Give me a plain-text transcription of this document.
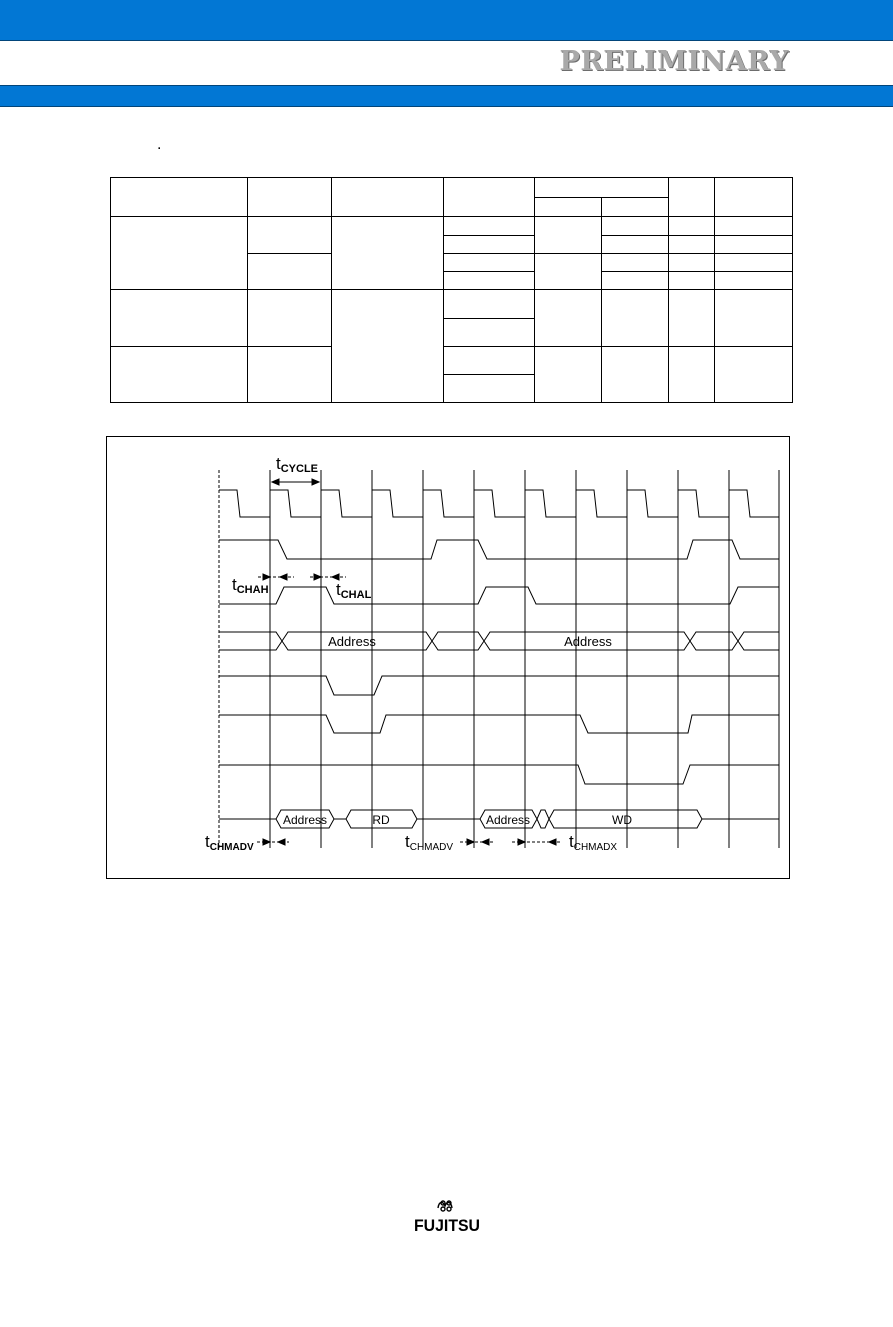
PRELIMINARY
.

tCYCLE
tCHAH	tCHAL
tCHMADV	tCHMADV	tCHMADX
Address	Address
Address	RD	Address	WD
FUJITSU
